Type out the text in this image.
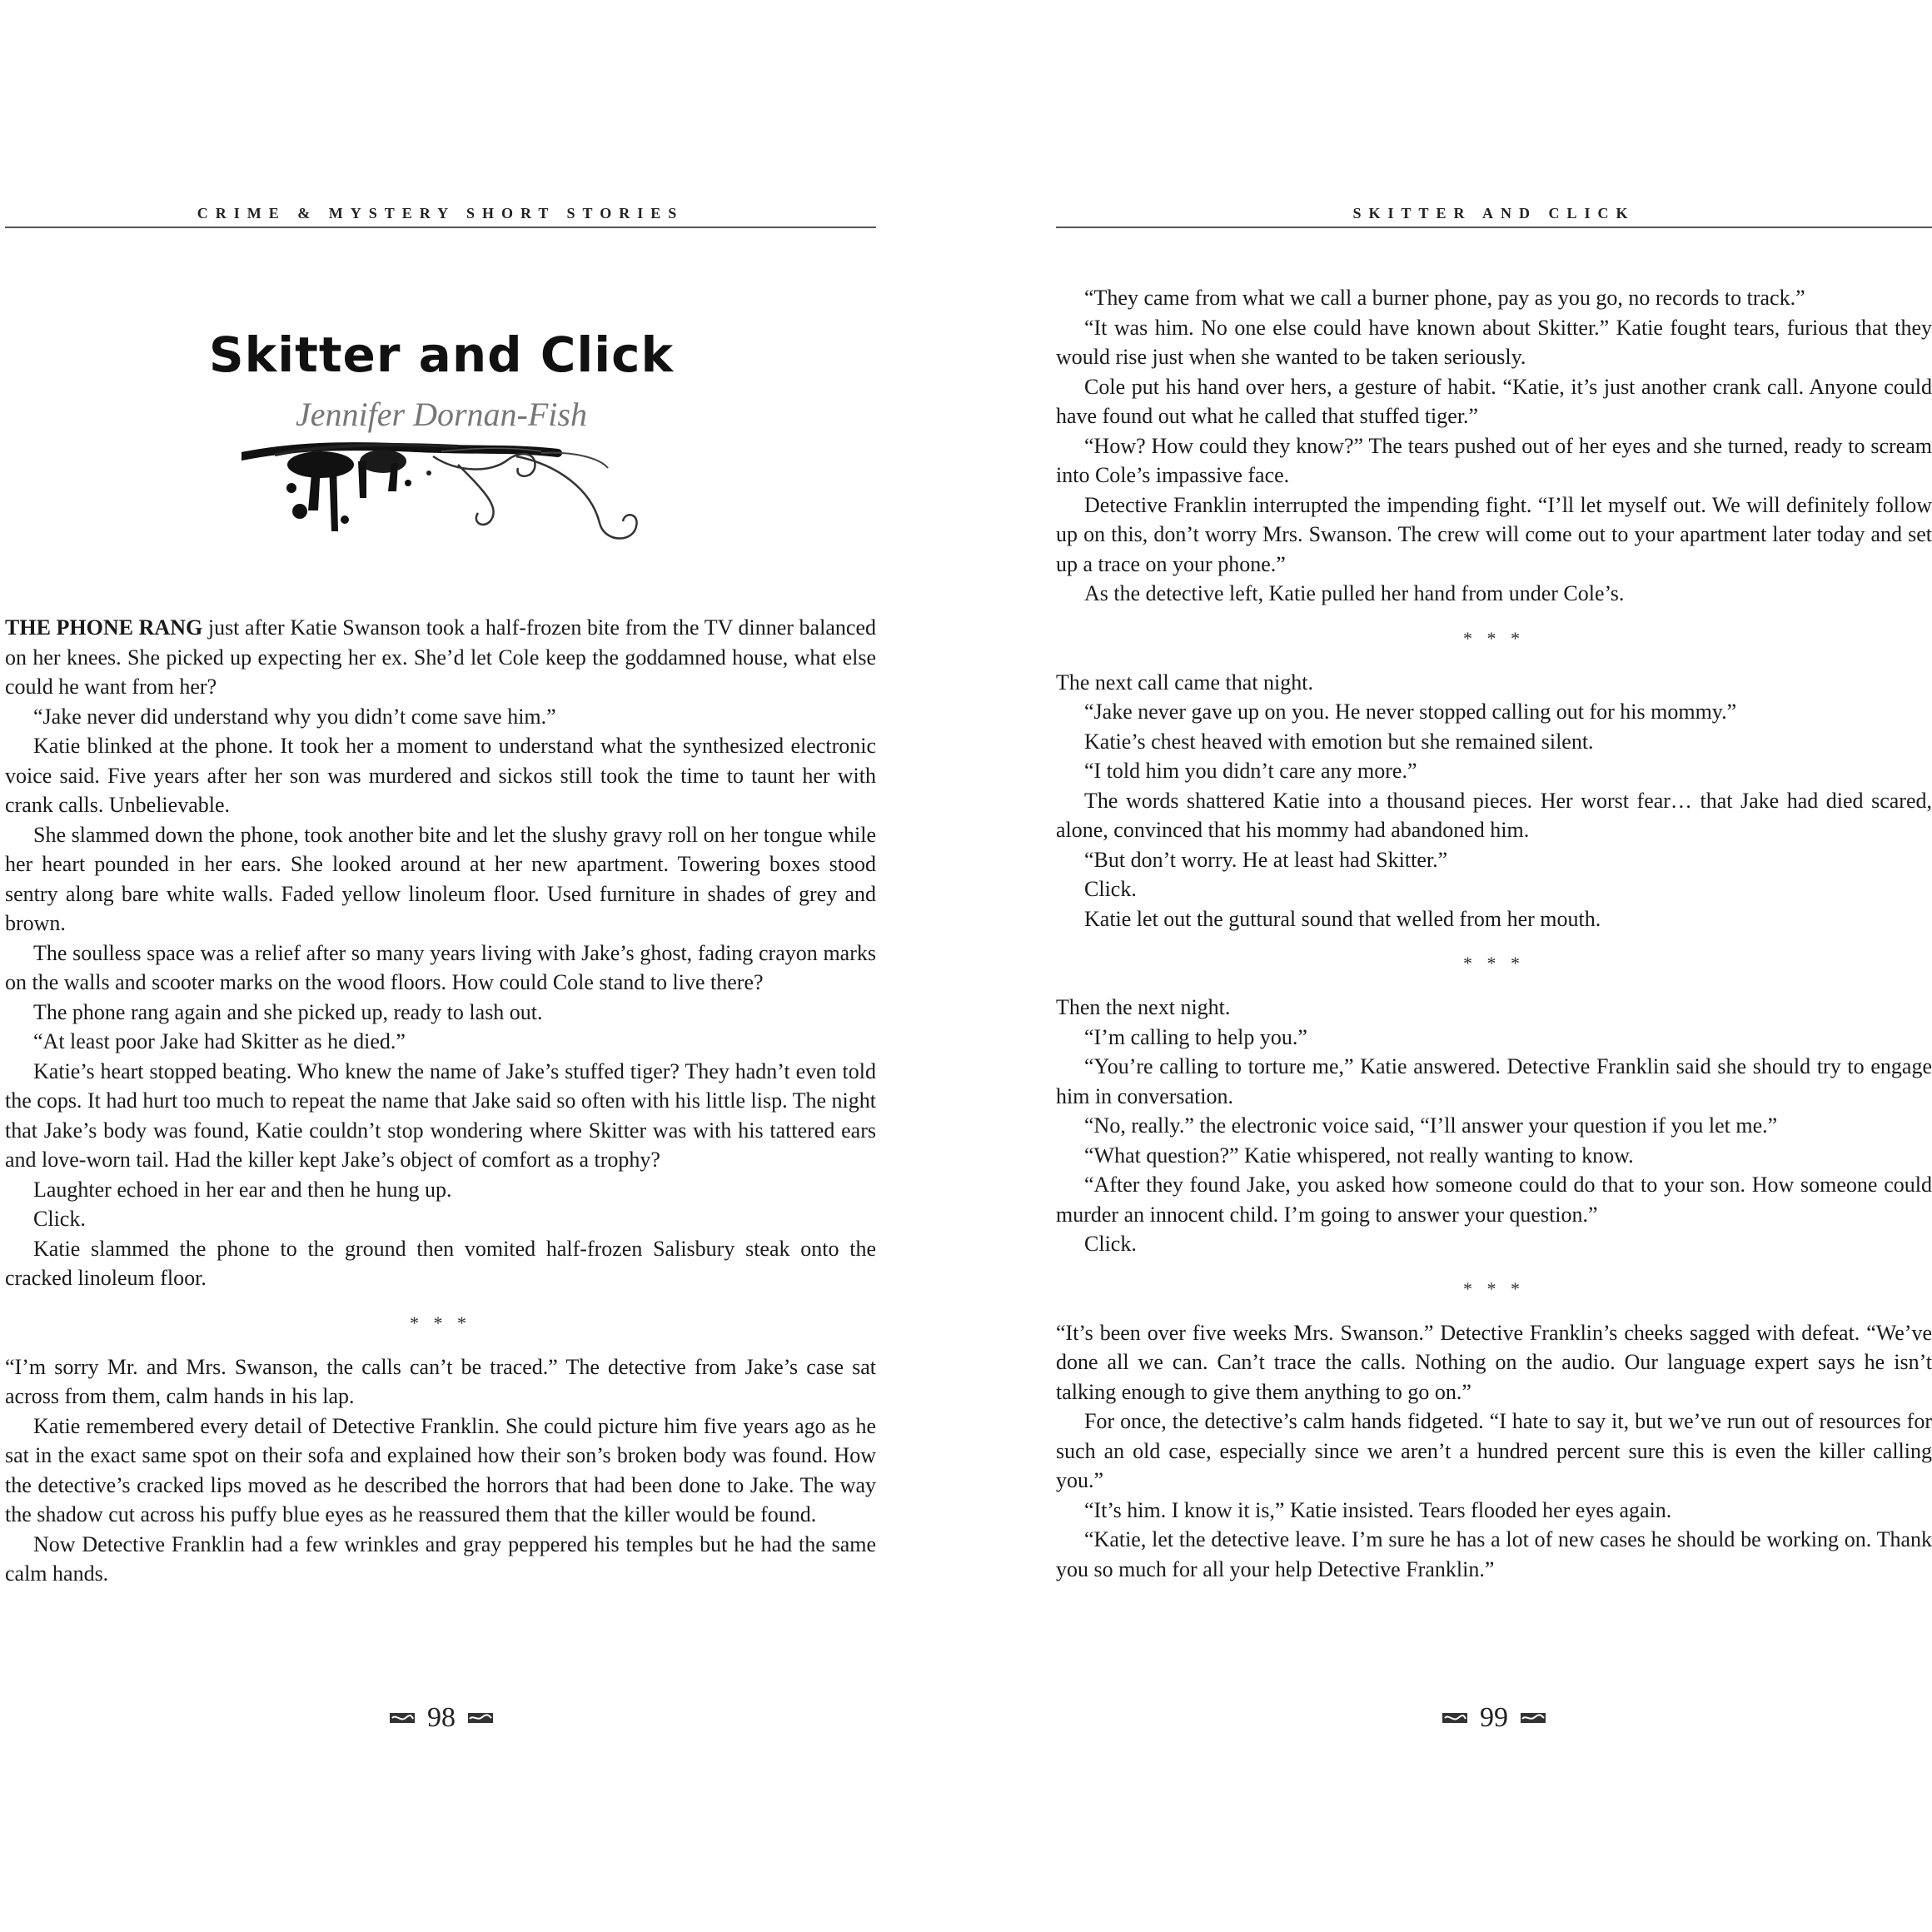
CRIME & MYSTERY SHORT STORIES
Skitter and Click
Jennifer Dornan-Fish

THE PHONE RANG just after Katie Swanson took a half-frozen bite from the TV dinner balanced on her knees. She picked up expecting her ex. She’d let Cole keep the goddamned house, what else could he want from her?

“Jake never did understand why you didn’t come save him.”

Katie blinked at the phone. It took her a moment to understand what the synthesized electronic voice said. Five years after her son was murdered and sickos still took the time to taunt her with crank calls. Unbelievable.

She slammed down the phone, took another bite and let the slushy gravy roll on her tongue while her heart pounded in her ears. She looked around at her new apartment. Towering boxes stood sentry along bare white walls. Faded yellow linoleum floor. Used furniture in shades of grey and brown.

The soulless space was a relief after so many years living with Jake’s ghost, fading crayon marks on the walls and scooter marks on the wood floors. How could Cole stand to live there?

The phone rang again and she picked up, ready to lash out.

“At least poor Jake had Skitter as he died.”

Katie’s heart stopped beating. Who knew the name of Jake’s stuffed tiger? They hadn’t even told the cops. It had hurt too much to repeat the name that Jake said so often with his little lisp. The night that Jake’s body was found, Katie couldn’t stop wondering where Skitter was with his tattered ears and love-worn tail. Had the killer kept Jake’s object of comfort as a trophy?

Laughter echoed in her ear and then he hung up.

Click.

Katie slammed the phone to the ground then vomited half-frozen Salisbury steak onto the cracked linoleum floor.

* * *

“I’m sorry Mr. and Mrs. Swanson, the calls can’t be traced.” The detective from Jake’s case sat across from them, calm hands in his lap.

Katie remembered every detail of Detective Franklin. She could picture him five years ago as he sat in the exact same spot on their sofa and explained how their son’s broken body was found. How the detective’s cracked lips moved as he described the horrors that had been done to Jake. The way the shadow cut across his puffy blue eyes as he reassured them that the killer would be found.

Now Detective Franklin had a few wrinkles and gray peppered his temples but he had the same calm hands.

98
SKITTER AND CLICK

“They came from what we call a burner phone, pay as you go, no records to track.”

“It was him. No one else could have known about Skitter.” Katie fought tears, furious that they would rise just when she wanted to be taken seriously.

Cole put his hand over hers, a gesture of habit. “Katie, it’s just another crank call. Anyone could have found out what he called that stuffed tiger.”

“How? How could they know?” The tears pushed out of her eyes and she turned, ready to scream into Cole’s impassive face.

Detective Franklin interrupted the impending fight. “I’ll let myself out. We will definitely follow up on this, don’t worry Mrs. Swanson. The crew will come out to your apartment later today and set up a trace on your phone.”

As the detective left, Katie pulled her hand from under Cole’s.

* * *

The next call came that night.

“Jake never gave up on you. He never stopped calling out for his mommy.”

Katie’s chest heaved with emotion but she remained silent.

“I told him you didn’t care any more.”

The words shattered Katie into a thousand pieces. Her worst fear… that Jake had died scared, alone, convinced that his mommy had abandoned him.

“But don’t worry. He at least had Skitter.”

Click.

Katie let out the guttural sound that welled from her mouth.

* * *

Then the next night.

“I’m calling to help you.”

“You’re calling to torture me,” Katie answered. Detective Franklin said she should try to engage him in conversation.

“No, really.” the electronic voice said, “I’ll answer your question if you let me.”

“What question?” Katie whispered, not really wanting to know.

“After they found Jake, you asked how someone could do that to your son. How someone could murder an innocent child. I’m going to answer your question.”

Click.

* * *

“It’s been over five weeks Mrs. Swanson.” Detective Franklin’s cheeks sagged with defeat. “We’ve done all we can. Can’t trace the calls. Nothing on the audio. Our language expert says he isn’t talking enough to give them anything to go on.”

For once, the detective’s calm hands fidgeted. “I hate to say it, but we’ve run out of resources for such an old case, especially since we aren’t a hundred percent sure this is even the killer calling you.”

“It’s him. I know it is,” Katie insisted. Tears flooded her eyes again.

“Katie, let the detective leave. I’m sure he has a lot of new cases he should be working on. Thank you so much for all your help Detective Franklin.”

99
